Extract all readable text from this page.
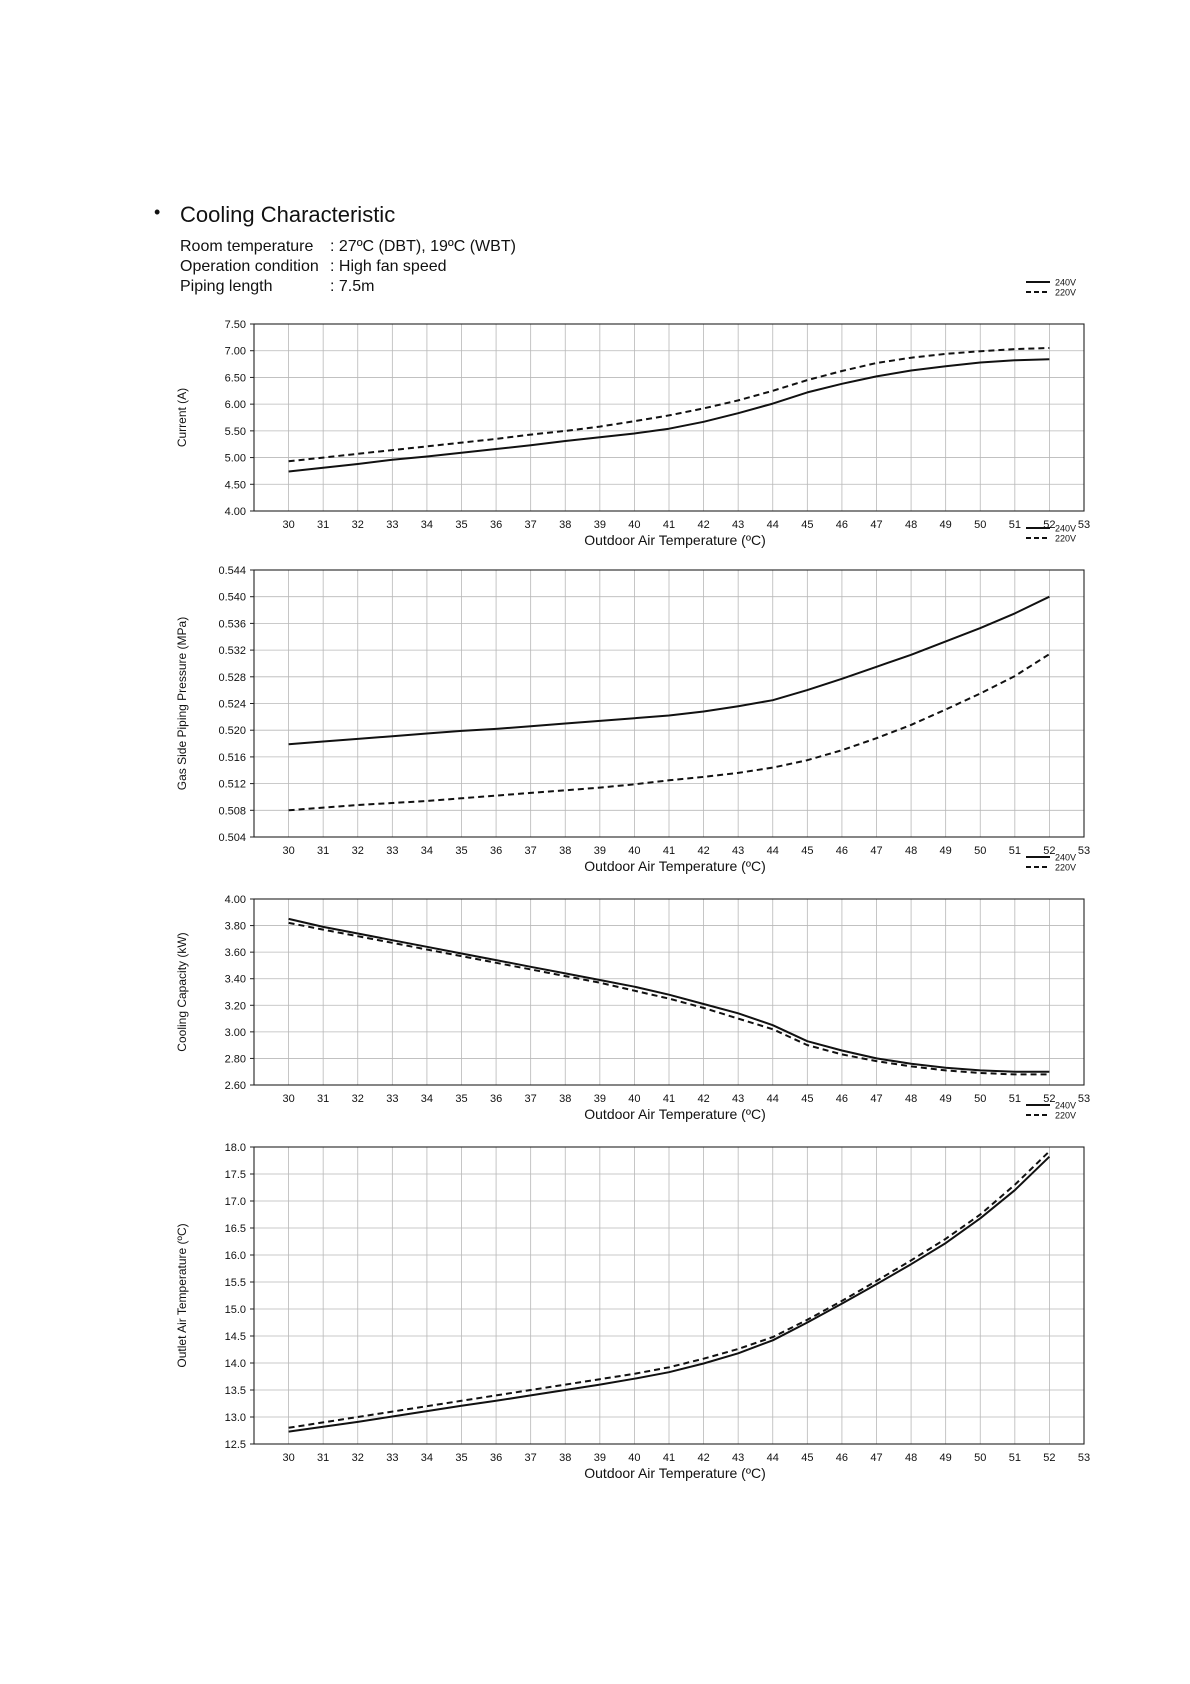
• Cooling Characteristic
Room temperature : 27ºC (DBT), 19ºC (WBT)
Operation condition : High fan speed
Piping length	: 7.5m
4.00
4.50
5.00
5.50
6.00
6.50
7.00
7.50
30 31 32 33 34 35 36 37 38 39 40 41 42 43 44 45 46 47 48 49 50 51 52 53
Outdoor Air Temperature (ºC)
Current (A)
240V
220V
0.504
0.508
0.512
0.516
0.520
0.524
0.528
0.532
0.536
0.540
0.544
30 31 32 33 34 35 36 37 38 39 40 41 42 43 44 45 46 47 48 49 50 51 52 53
Outdoor Air Temperature (ºC)
Gas Side Piping Pressure (MPa)
240V
220V
2.60
2.80
3.00
3.20
3.40
3.60
3.80
4.00
30 31 32 33 34 35 36 37 38 39 40 41 42 43 44 45 46 47 48 49 50 51 52 53
Outdoor Air Temperature (ºC)
Cooling Capacity (kW)
240V
220V
12.5
13.0
13.5
14.0
14.5
15.0
15.5
16.0
16.5
17.0
17.5
18.0
30 31 32 33 34 35 36 37 38 39 40 41 42 43 44 45 46 47 48 49 50 51 52 53
Outdoor Air Temperature (ºC)
Outlet Air Temperature (ºC)
240V
220V
